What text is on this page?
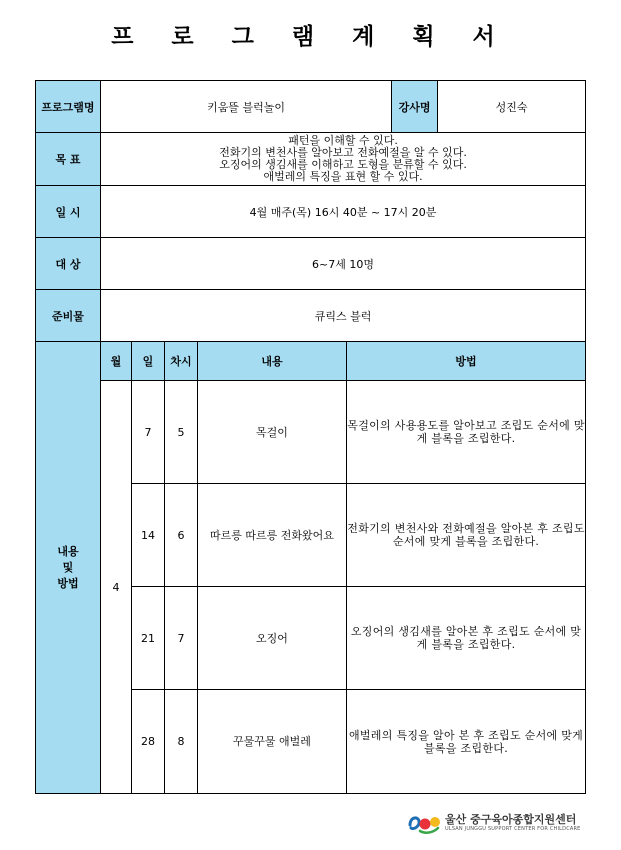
프 로 그 램 계 획 서
프로그램명	키움뜰 블럭놀이					강사명	성진숙
목 표	패턴을 이해할 수 있다.
전화기의 변천사를 알아보고 전화예절을 알 수 있다.
오징어의 생김새를 이해하고 도형을 분류할 수 있다.
애벌레의 특징을 표현 할 수 있다.						

일 시	4월 매주(목) 16시 40분 ~ 17시 20분						
대 상	6~7세 10명						
준비물	큐릭스 블럭						

내용
및
방법	월	일	차시	내용	방법		
	4	7	5	목걸이	목걸이의 사용용도를 알아보고 조립도 순서에 맞게 블록을 조립한다.		
		14	6	따르릉 따르릉 전화왔어요	전화기의 변천사와 전화예절을 알아본 후 조립도 순서에 맞게 블록을 조립한다.		
		21	7	오징어	오징어의 생김새를 알아본 후 조립도 순서에 맞게 블록을 조립한다.		
		28	8	꾸물꾸물 애벌레	애벌레의 특징을 알아 본 후 조립도 순서에 맞게 블록을 조립한다.		
울산 중구육아종합지원센터
ULSAN JUNGGU SUPPORT CENTER FOR CHILDCARE
